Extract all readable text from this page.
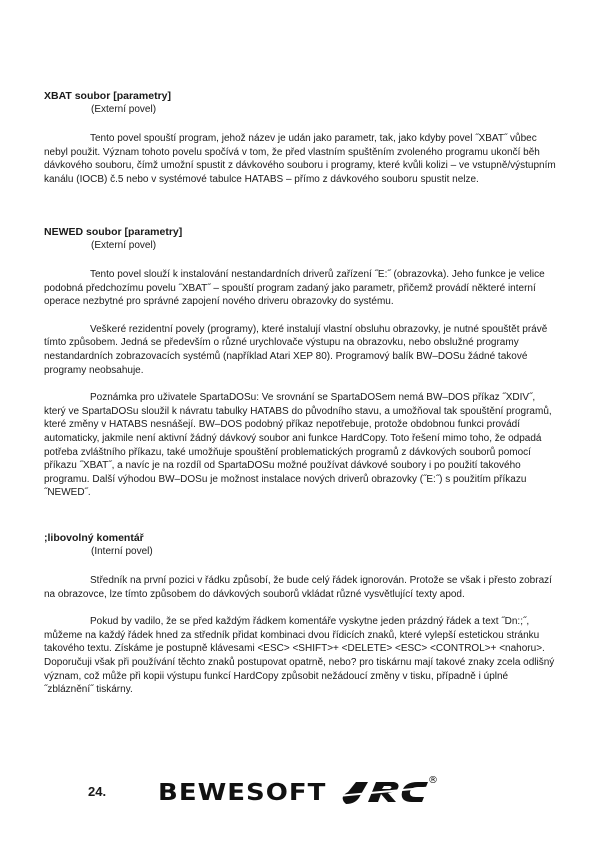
XBAT soubor [parametry]

(Externí povel)

Tento povel spouští program, jehož název je udán jako parametr, tak, jako kdyby povel ˝XBAT˝ vůbec nebyl použit. Význam tohoto povelu spočívá v tom, že před vlastním spuštěním zvoleného programu ukončí běh dávkového souboru, čímž umožní spustit z dávkového souboru i programy, které kvůli kolizi – ve vstupně/výstupním kanálu (IOCB) č.5 nebo v systémové tabulce HATABS – přímo z dávkového souboru spustit nelze.

NEWED soubor [parametry]

(Externí povel)

Tento povel slouží k instalování nestandardních driverů zařízení ˝E:˝ (obrazovka). Jeho funkce je velice podobná předchozímu povelu ˝XBAT˝ – spouští program zadaný jako parametr, přičemž provádí některé interní operace nezbytné pro správné zapojení nového driveru obrazovky do systému.

Veškeré rezidentní povely (programy), které instalují vlastní obsluhu obrazovky, je nutné spouštět právě tímto způsobem. Jedná se především o různé urychlovače výstupu na obrazovku, nebo obslužné programy nestandardních zobrazovacích systémů (například Atari XEP 80). Programový balík BW–DOSu žádné takové programy neobsahuje.

Poznámka pro uživatele SpartaDOSu: Ve srovnání se SpartaDOSem nemá BW–DOS příkaz ˝XDIV˝, který ve SpartaDOSu sloužil k návratu tabulky HATABS do původního stavu, a umožňoval tak spouštění programů, které změny v HATABS nesnášejí. BW–DOS podobný příkaz nepotřebuje, protože obdobnou funkci provádí automaticky, jakmile není aktivní žádný dávkový soubor ani funkce HardCopy. Toto řešení mimo toho, že odpadá potřeba zvláštního příkazu, také umožňuje spouštění problematických programů z dávkových souborů pomocí příkazu ˝XBAT˝, a navíc je na rozdíl od SpartaDOSu možné používat dávkové soubory i po použití takového programu. Další výhodou BW–DOSu je možnost instalace nových driverů obrazovky (˝E:˝) s použitím příkazu ˝NEWED˝.

;libovolný komentář

(Interní povel)

Středník na první pozici v řádku způsobí, že bude celý řádek ignorován. Protože se však i přesto zobrazí na obrazovce, lze tímto způsobem do dávkových souborů vkládat různé vysvětlující texty apod.

Pokud by vadilo, že se před každým řádkem komentáře vyskytne jeden prázdný řádek a text ˝Dn:;˝, můžeme na každý řádek hned za středník přidat kombinaci dvou řídicích znaků, které vylepší estetickou stránku takového textu. Získáme je postupně klávesami <ESC> <SHIFT>+ <DELETE> <ESC> <CONTROL>+ <nahoru>. Doporučuji však při používání těchto znaků postupovat opatrně, nebo? pro tiskárnu mají takové znaky zcela odlišný význam, což může při kopii výstupu funkcí HardCopy způsobit nežádoucí změny v tisku, případně i úplné ˝zbláznění˝ tiskárny.

24. BEWESOFT	®
